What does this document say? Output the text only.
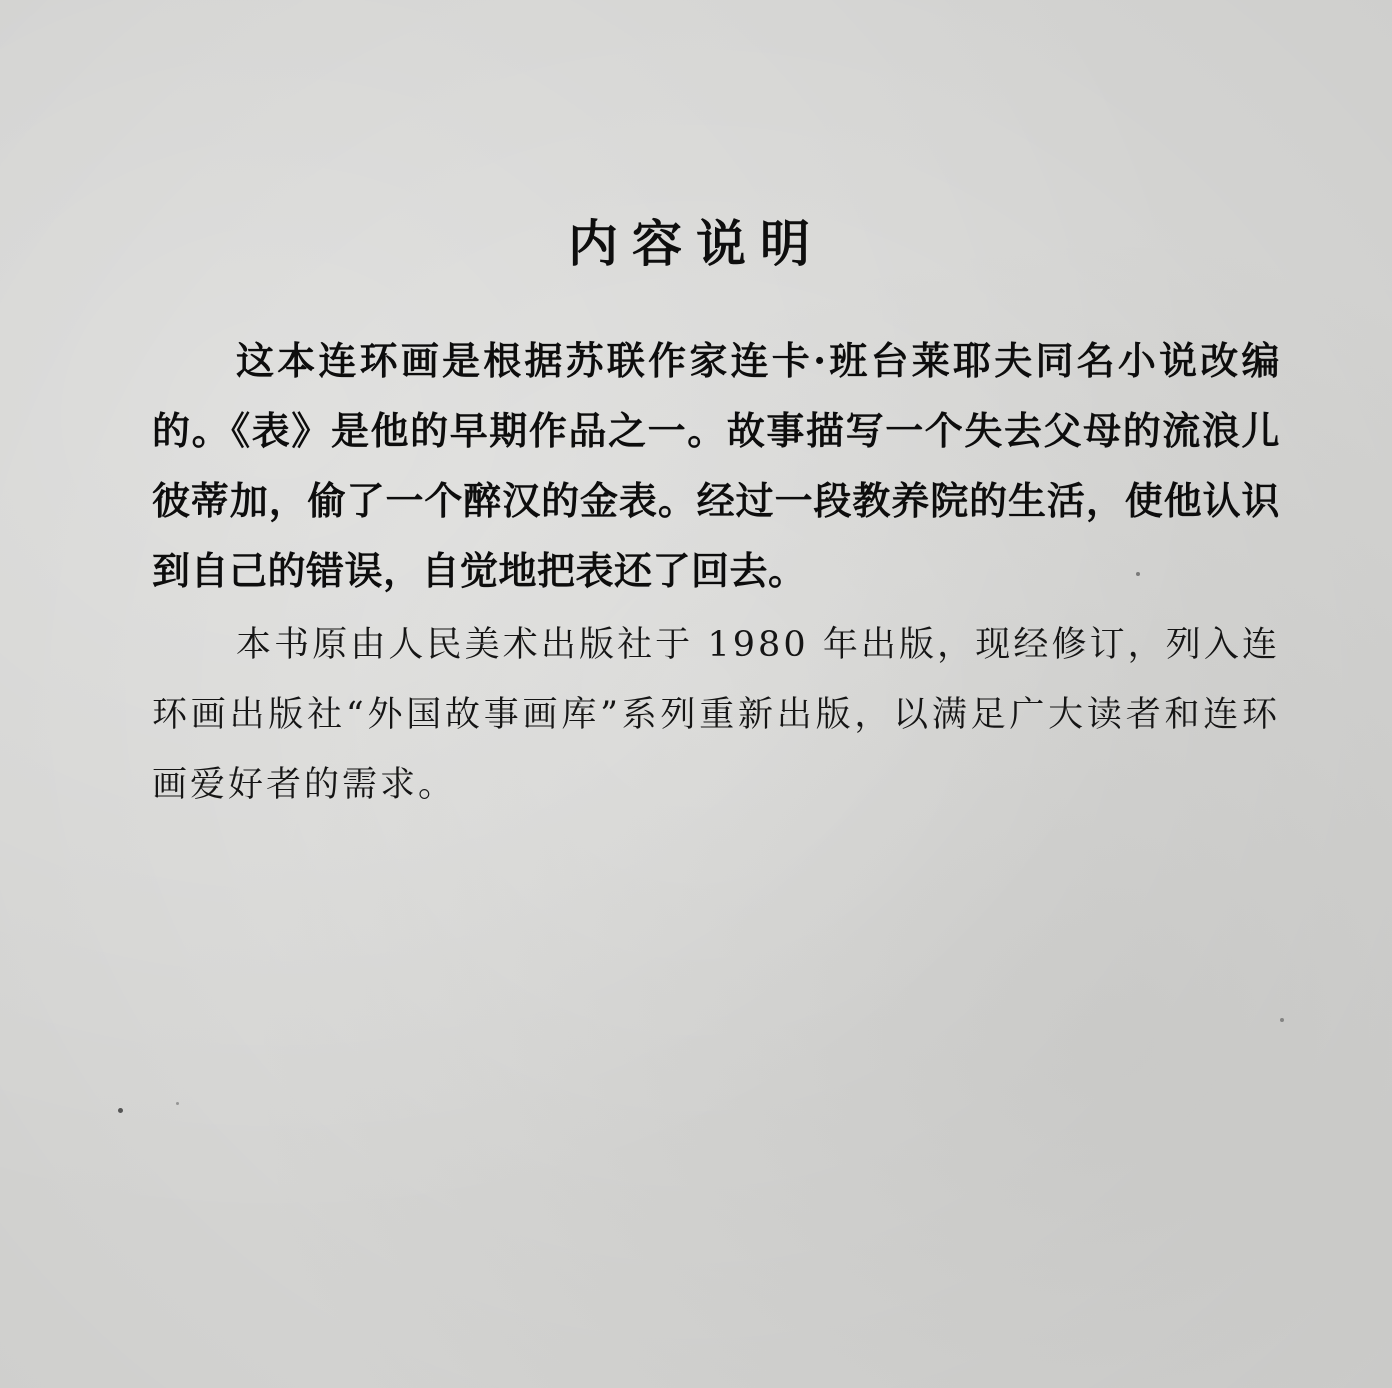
内容说明

这本连环画是根据苏联作家连卡·班台莱耶夫同名小说改编的。《表》是他的早期作品之一。故事描写一个失去父母的流浪儿彼蒂加，偷了一个醉汉的金表。经过一段教养院的生活，使他认识到自己的错误，自觉地把表还了回去。

本书原由人民美术出版社于 1980 年出版，现经修订，列入连环画出版社“外国故事画库”系列重新出版，以满足广大读者和连环画爱好者的需求。
